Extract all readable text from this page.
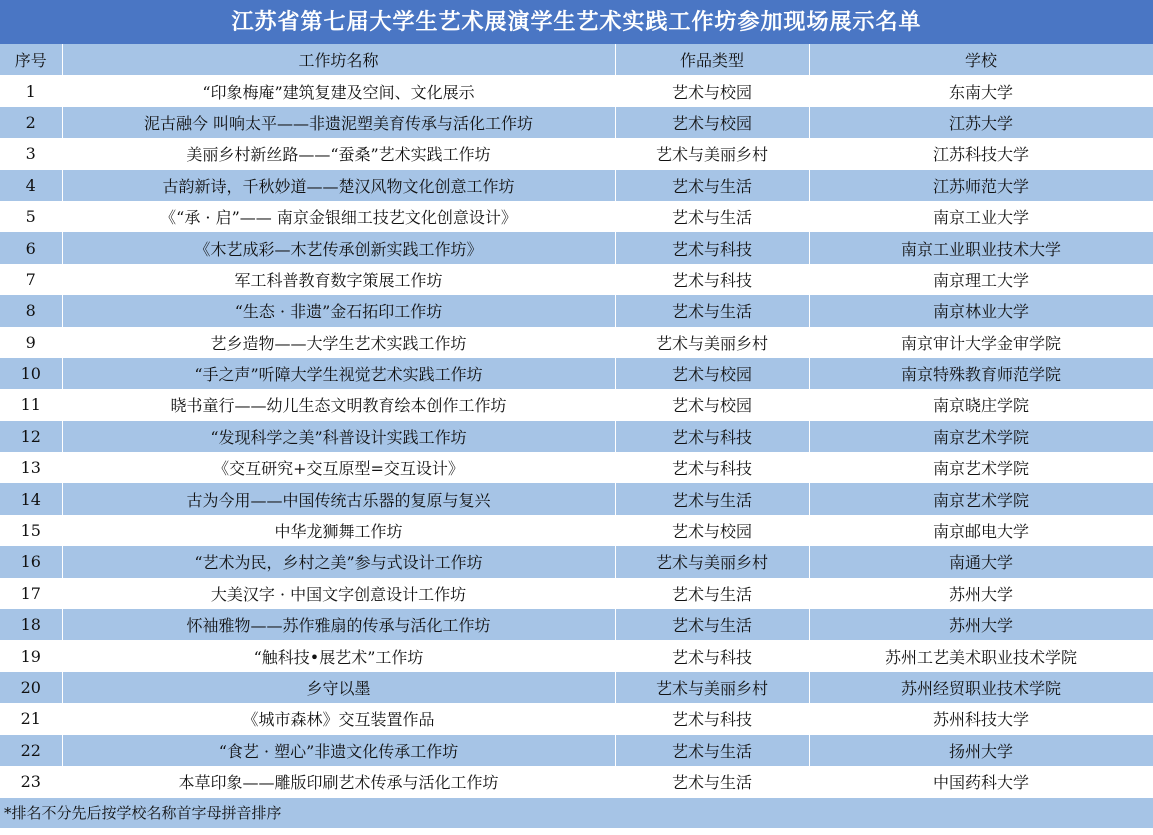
江苏省第七届大学生艺术展演学生艺术实践工作坊参加现场展示名单
序号	工作坊名称	作品类型	学校
1	“印象梅庵”建筑复建及空间、文化展示	艺术与校园	东南大学
2	泥古融今 叫响太平——非遗泥塑美育传承与活化工作坊	艺术与校园	江苏大学
3	美丽乡村新丝路——“蚕桑”艺术实践工作坊	艺术与美丽乡村	江苏科技大学
4	古韵新诗，千秋妙道——楚汉风物文化创意工作坊	艺术与生活	江苏师范大学
5	《“承 · 启”—— 南京金银细工技艺文化创意设计》	艺术与生活	南京工业大学
6	《木艺成彩—木艺传承创新实践工作坊》	艺术与科技	南京工业职业技术大学
7	军工科普教育数字策展工作坊	艺术与科技	南京理工大学
8	“生态 · 非遗”金石拓印工作坊	艺术与生活	南京林业大学
9	艺乡造物——大学生艺术实践工作坊	艺术与美丽乡村	南京审计大学金审学院
10	“手之声”听障大学生视觉艺术实践工作坊	艺术与校园	南京特殊教育师范学院
11	晓书童行——幼儿生态文明教育绘本创作工作坊	艺术与校园	南京晓庄学院
12	“发现科学之美”科普设计实践工作坊	艺术与科技	南京艺术学院
13	《交互研究+交互原型=交互设计》	艺术与科技	南京艺术学院
14	古为今用——中国传统古乐器的复原与复兴	艺术与生活	南京艺术学院
15	中华龙狮舞工作坊	艺术与校园	南京邮电大学
16	“艺术为民，乡村之美”参与式设计工作坊	艺术与美丽乡村	南通大学
17	大美汉字 · 中国文字创意设计工作坊	艺术与生活	苏州大学
18	怀袖雅物——苏作雅扇的传承与活化工作坊	艺术与生活	苏州大学
19	“触科技•展艺术”工作坊	艺术与科技	苏州工艺美术职业技术学院
20	乡守以墨	艺术与美丽乡村	苏州经贸职业技术学院
21	《城市森林》交互装置作品	艺术与科技	苏州科技大学
22	“食艺 · 塑心”非遗文化传承工作坊	艺术与生活	扬州大学
23	本草印象——雕版印刷艺术传承与活化工作坊	艺术与生活	中国药科大学
*排名不分先后按学校名称首字母拼音排序
